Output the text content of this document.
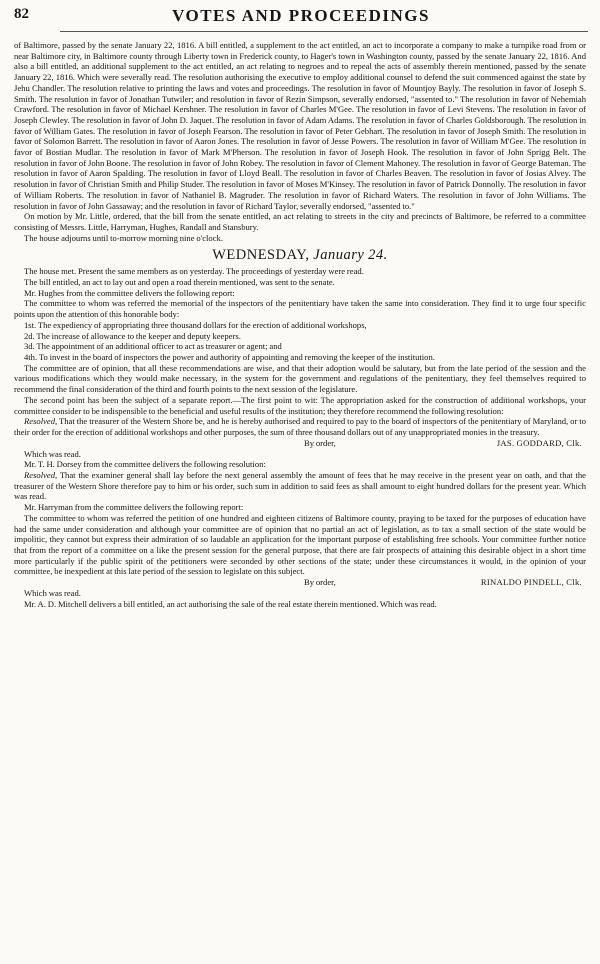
82	VOTES AND PROCEEDINGS

of Baltimore, passed by the senate January 22, 1816. A bill entitled, a supplement to the act entitled, an act to incorporate a company to make a turnpike road from or near Baltimore city, in Baltimore county through Liberty town in Frederick county, to Hager's town in Washington county, passed by the senate January 22, 1816. And also a bill entitled, an additional supplement to the act entitled, an act relating to negroes and to repeal the acts of assembly therein mentioned, passed by the senate January 22, 1816. Which were severally read. The resolution authorising the executive to employ additional counsel to defend the suit commenced against the state by Jehu Chandler. The resolution relative to printing the laws and votes and proceedings. The resolution in favor of Mountjoy Bayly. The resolution in favor of Joseph S. Smith. The resolution in favor of Jonathan Tutwiler; and resolution in favor of Rezin Simpson, severally endorsed, "assented to." The resolution in favor of Nehemiah Crawford. The resolution in favor of Michael Kershner. The resolution in favor of Charles M'Gee. The resolution in favor of Levi Stevens. The resolution in favor of Joseph Clewley. The resolution in favor of John D. Jaquet. The resolution in favor of Adam Adams. The resolution in favor of Charles Goldsborough. The resolution in favor of William Gates. The resolution in favor of Joseph Fearson. The resolution in favor of Peter Gebhart. The resolution in favor of Joseph Smith. The resolution in favor of Solomon Barrett. The resolution in favor of Aaron Jones. The resolution in favor of Jesse Powers. The resolution in favor of William M'Gee. The resolution in favor of Bostian Mudlar. The resolution in favor of Mark M'Pherson. The resolution in favor of Joseph Hook. The resolution in favor of John Sprigg Belt. The resolution in favor of John Boone. The resolution in favor of John Robey. The resolution in favor of Clement Mahoney. The resolution in favor of George Bateman. The resolution in favor of Aaron Spalding. The resolution in favor of Lloyd Beall. The resolution in favor of Charles Beaven. The resolution in favor of Josias Alvey. The resolution in favor of Christian Smith and Philip Studer. The resolution in favor of Moses M'Kinsey. The resolution in favor of Patrick Donnolly. The resolution in favor of William Roberts. The resolution in favor of Nathaniel B. Magruder. The resolution in favor of Richard Waters. The resolution in favor of John Williams. The resolution in favor of John Gassaway; and the resolution in favor of Richard Taylor, severally endorsed, "assented to."

On motion by Mr. Little, ordered, that the bill from the senate entitled, an act relating to streets in the city and precincts of Baltimore, be referred to a committee consisting of Messrs. Little, Harryman, Hughes, Randall and Stansbury.

The house adjourns until to-morrow morning nine o'clock.

WEDNESDAY, January 24.

The house met. Present the same members as on yesterday. The proceedings of yesterday were read.

The bill entitled, an act to lay out and open a road therein mentioned, was sent to the senate.

Mr. Hughes from the committee delivers the following report:

The committee to whom was referred the memorial of the inspectors of the penitentiary have taken the same into consideration. They find it to urge four specific points upon the attention of this honorable body:

1st. The expediency of appropriating three thousand dollars for the erection of additional workshops,

2d. The increase of allowance to the keeper and deputy keepers.

3d. The appointment of an additional officer to act as treasurer or agent; and

4th. To invest in the board of inspectors the power and authority of appointing and removing the keeper of the institution.

The committee are of opinion, that all these recommendations are wise, and that their adoption would be salutary, but from the late period of the session and the various modifications which they would make necessary, in the system for the government and regulations of the penitentiary, they feel themselves required to recommend the final consideration of the third and fourth points to the next session of the legislature.

The second point has been the subject of a separate report.—The first point to wit: The appropriation asked for the construction of additional workshops, your committee consider to be indispensible to the beneficial and useful results of the institution; they therefore recommend the following resolution:

Resolved, That the treasurer of the Western Shore be, and he is hereby authorised and required to pay to the board of inspectors of the penitentiary of Maryland, or to their order for the erection of additional workshops and other purposes, the sum of three thousand dollars out of any unappropriated monies in the treasury.

By order,	JAS. GODDARD, Clk.

Which was read.

Mr. T. H. Dorsey from the committee delivers the following resolution:

Resolved, That the examiner general shall lay before the next general assembly the amount of fees that he may receive in the present year on oath, and that the treasurer of the Western Shore therefore pay to him or his order, such sum in addition to said fees as shall amount to eight hundred dollars for the present year. Which was read.

Mr. Harryman from the committee delivers the following report:

The committee to whom was referred the petition of one hundred and eighteen citizens of Baltimore county, praying to be taxed for the purposes of education have had the same under consideration and although your committee are of opinion that no partial an act of legislation, as to tax a small section of the state would be impolitic, they cannot but express their admiration of so laudable an application for the important purpose of establishing free schools. Your committee further notice that from the report of a committee on a like the present session for the general purpose, that there are fair prospects of attaining this desirable object in a short time more particularly if the public spirit of the petitioners were seconded by other sections of the state; under these circumstances it would, in the opinion of your committee, be inexpedient at this late period of the session to legislate on this subject.

By order,	RINALDO PINDELL, Clk.

Which was read.

Mr. A. D. Mitchell delivers a bill entitled, an act authorising the sale of the real estate therein mentioned. Which was read.
